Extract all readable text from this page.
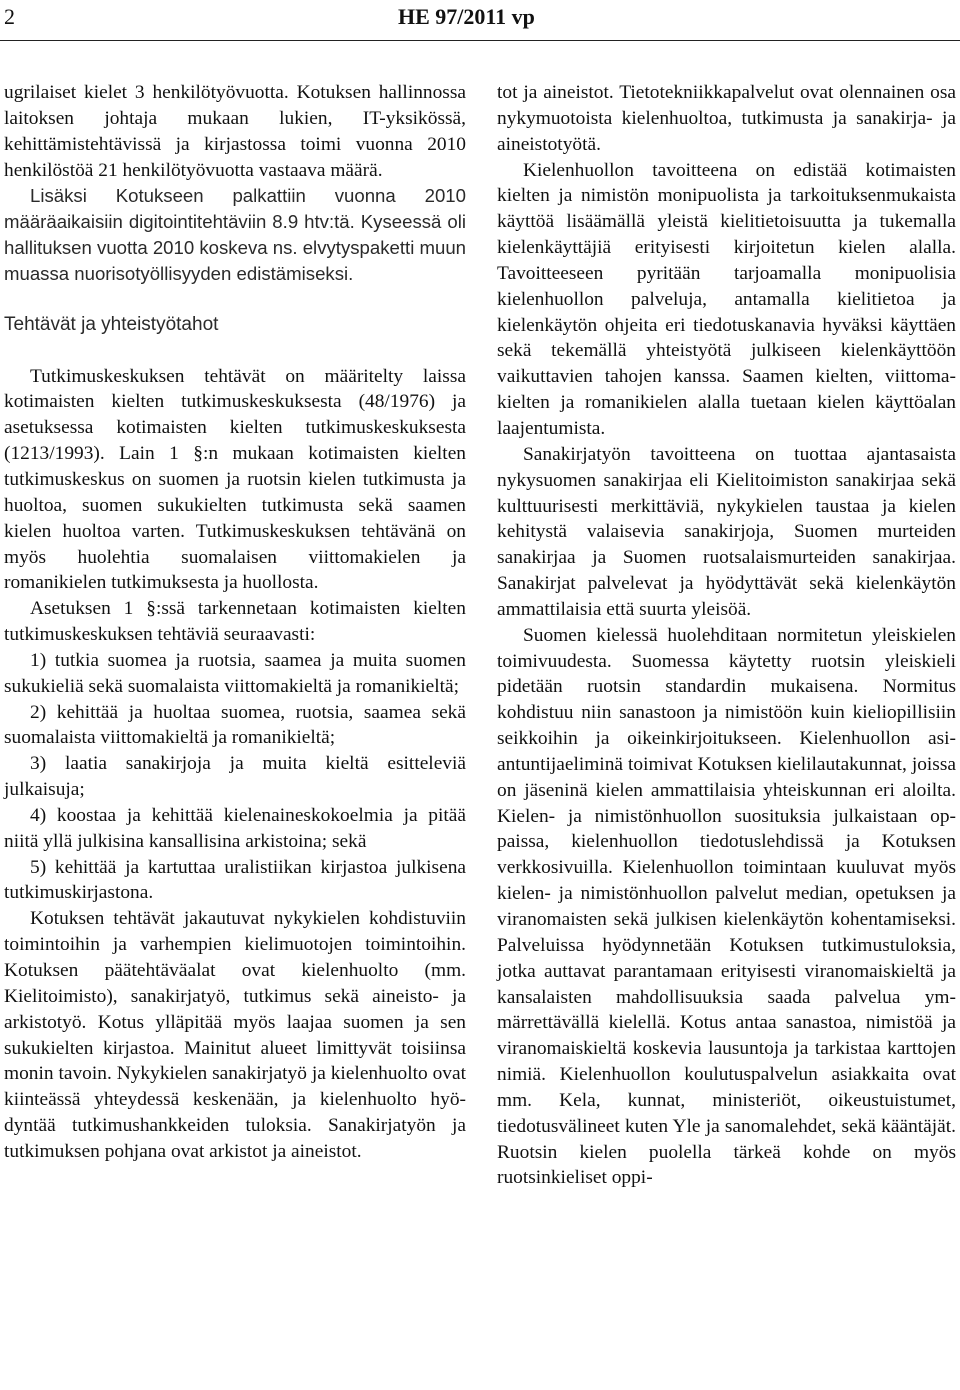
2	HE 97/2011 vp

ugrilaiset kielet 3 henkilötyövuotta. Kotuksen hallinnossa laitoksen johtaja mukaan lukien, IT-yksikössä, kehittämistehtävissä ja kirjastossa toimi vuonna 2010 henkilöstöä 21 henkilötyövuotta vastaava määrä.

Lisäksi Kotukseen palkattiin vuonna 2010 määräaikaisiin digitointitehtäviin 8.9 htv:tä. Kyseessä oli hallituksen vuotta 2010 koskeva ns. elvytyspaketti muun muassa nuorisotyöllisyyden edistämiseksi.

Tehtävät ja yhteistyötahot

Tutkimuskeskuksen tehtävät on määritelty laissa kotimaisten kielten tutkimuskeskuksesta (48/1976) ja asetuksessa kotimaisten kielten tutkimuskeskuksesta (1213/1993). Lain 1 §:n mukaan kotimaisten kielten tutkimuskeskus on suomen ja ruotsin kielen tutkimusta ja huoltoa, suomen sukukielten tutkimusta sekä saamen kielen huoltoa varten. Tutkimuskeskuksen tehtävänä on myös huolehtia suomalaisen viittomakielen ja romanikielen tutkimuksesta ja huollosta.

Asetuksen 1 §:ssä tarkennetaan kotimaisten kielten tutkimuskeskuksen tehtäviä seuraavasti:

1) tutkia suomea ja ruotsia, saamea ja muita suomen sukukieliä sekä suomalaista viittomakieltä ja romanikieltä;

2) kehittää ja huoltaa suomea, ruotsia, saamea sekä suomalaista viittomakieltä ja romanikieltä;

3) laatia sanakirjoja ja muita kieltä esitteleviä julkaisuja;

4) koostaa ja kehittää kielenaineskokoelmia ja pitää niitä yllä julkisina kansallisina arkistoina; sekä

5) kehittää ja kartuttaa uralistiikan kirjastoa julkisena tutkimuskirjastona.

Kotuksen tehtävät jakautuvat nykykielen kohdistuviin toimintoihin ja varhempien kielimuotojen toimintoihin. Kotuksen päätehtäväalat ovat kielenhuolto (mm. Kielitoimisto), sanakirjatyö, tutkimus sekä aineisto- ja arkistotyö. Kotus ylläpitää myös laajaa suomen ja sen sukukielten kirjastoa. Mainitut alueet limittyvät toisiinsa monin tavoin. Nykykielen sanakirjatyö ja kielenhuolto ovat kiinteässä yhteydessä keskenään, ja kielenhuolto hyödyntää tutkimushankkeiden tuloksia. Sanakirjatyön ja tutkimuksen pohjana ovat arkistot ja aineistot.

tot ja aineistot. Tietotekniikkapalvelut ovat olennainen osa nykymuotoista kielenhuoltoa, tutkimusta ja sanakirja- ja aineistotyötä.

Kielenhuollon tavoitteena on edistää kotimaisten kielten ja nimistön monipuolista ja tarkoituksenmukaista käyttöä lisäämällä yleistä kielitietoisuutta ja tukemalla kielenkäyttäjiä erityisesti kirjoitetun kielen alalla. Tavoitteeseen pyritään tarjoamalla monipuolisia kielenhuollon palveluja, antamalla kielitietoa ja kielenkäytön ohjeita eri tiedotuskanavia hyväksi käyttäen sekä tekemällä yhteistyötä julkiseen kielenkäyttöön vaikuttavien tahojen kanssa. Saamen kielten, viittomakielten ja romanikielen alalla tuetaan kielen käyttöalan laajentumista.

Sanakirjatyön tavoitteena on tuottaa ajantasaista nykysuomen sanakirjaa eli Kielitoimiston sanakirjaa sekä kulttuurisesti merkittäviä, nykykielen taustaa ja kielen kehitystä valaisevia sanakirjoja, Suomen murteiden sanakirjaa ja Suomen ruotsalaismurteiden sanakirjaa. Sanakirjat palvelevat ja hyödyttävät sekä kielenkäytön ammattilaisia että suurta yleisöä.

Suomen kielessä huolehditaan normitetun yleiskielen toimivuudesta. Suomessa käytetty ruotsin yleiskieli pidetään ruotsin standardin mukaisena. Normitus kohdistuu niin sanastoon ja nimistöön kuin kieliopillisiin seikkoihin ja oikeinkirjoitukseen. Kielenhuollon asiantuntijaeliminä toimivat Kotuksen kielilautakunnat, joissa on jäseninä kielen ammattilaisia yhteiskunnan eri aloilta. Kielen- ja nimistönhuollon suosituksia julkaistaan oppaissa, kielenhuollon tiedotuslehdissä ja Kotuksen verkkosivuilla. Kielenhuollon toimintaan kuuluvat myös kielen- ja nimistönhuollon palvelut median, opetuksen ja viranomaisten sekä julkisen kielenkäytön kohentamiseksi. Palveluissa hyödynnetään Kotuksen tutkimustuloksia, jotka auttavat parantamaan erityisesti viranomaiskieltä ja kansalaisten mahdollisuuksia saada palvelua ymmärrettävällä kielellä. Kotus antaa sanastoa, nimistöä ja viranomaiskieltä koskevia lausuntoja ja tarkistaa karttojen nimiä. Kielenhuollon koulutuspalvelun asiakkaita ovat mm. Kela, kunnat, ministeriöt, oikeustuistumet, tiedotusvälineet kuten Yle ja sanomalehdet, sekä kääntäjät. Ruotsin kielen puolella tärkeä kohde on myös ruotsinkieliset oppi-
